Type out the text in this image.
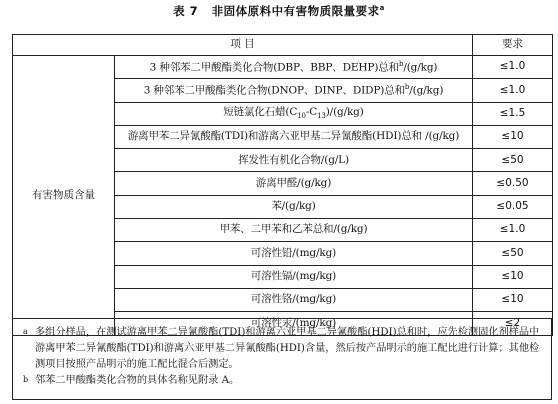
表 7 非固体原料中有害物质限量要求$^a$
项 目		要求
有害物质含量	3 种邻苯二甲酸酯类化合物(DBP、BBP、DEHP)总和$^b$/(g/kg)	≤1.0
	3 种邻苯二甲酸酯类化合物(DNOP、DINP、DIDP)总和$^b$/(g/kg)	≤1.0
	短链氯化石蜡$(C_{10}-C_{13})/(g/kg)$	≤1.5
	游离甲苯二异氰酸酯(TDI)和游离六亚甲基二异氰酸酯(HDI)总和 /(g/kg)	≤10
	挥发性有机化合物/(g/L)	≤50
	游离甲醛/(g/kg)	≤0.50
	苯/(g/kg)	≤0.05
	甲苯、二甲苯和乙苯总和/(g/kg)	≤1.0
	可溶性铅/(mg/kg)	≤50
	可溶性镉/(mg/kg)	≤10
	可溶性铬/(mg/kg)	≤10
	可溶性汞/(mg/kg)	≤2
a 多组分样品，在测试游离甲苯二异氰酸酯(TDI)和游离六亚甲基二异氰酸酯(HDI)总和时，应先检测固化剂样品中游离甲苯二异氰酸酯(TDI)和游离六亚甲基二异氰酸酯(HDI)含量，然后按产品明示的施工配比进行计算；其他检测项目按照产品明示的施工配比混合后测定。
b 邻苯二甲酸酯类化合物的具体名称见附录 A。
